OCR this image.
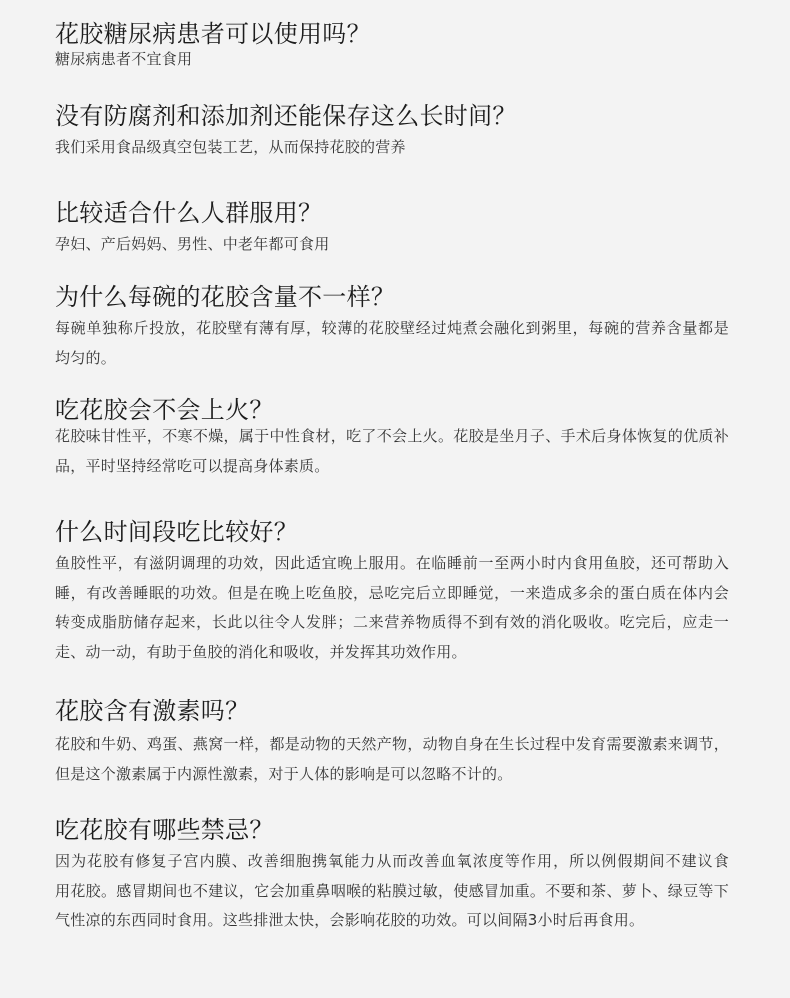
花胶糖尿病患者可以使用吗？
糖尿病患者不宜食用
没有防腐剂和添加剂还能保存这么长时间？
我们采用食品级真空包装工艺，从而保持花胶的营养
比较适合什么人群服用？
孕妇、产后妈妈、男性、中老年都可食用
为什么每碗的花胶含量不一样？
每碗单独称斤投放，花胶壁有薄有厚，较薄的花胶壁经过炖煮会融化到粥里，每碗的营养含量都是
均匀的。
吃花胶会不会上火？
花胶味甘性平，不寒不燥，属于中性食材，吃了不会上火。花胶是坐月子、手术后身体恢复的优质补
品，平时坚持经常吃可以提高身体素质。
什么时间段吃比较好？
鱼胶性平，有滋阴调理的功效，因此适宜晚上服用。在临睡前一至两小时内食用鱼胶，还可帮助入
睡，有改善睡眠的功效。但是在晚上吃鱼胶，忌吃完后立即睡觉，一来造成多余的蛋白质在体内会
转变成脂肪储存起来，长此以往令人发胖；二来营养物质得不到有效的消化吸收。吃完后，应走一
走、动一动，有助于鱼胶的消化和吸收，并发挥其功效作用。
花胶含有激素吗？
花胶和牛奶、鸡蛋、燕窝一样，都是动物的天然产物，动物自身在生长过程中发育需要激素来调节，
但是这个激素属于内源性激素，对于人体的影响是可以忽略不计的。
吃花胶有哪些禁忌？
因为花胶有修复子宫内膜、改善细胞携氧能力从而改善血氧浓度等作用，所以例假期间不建议食
用花胶。感冒期间也不建议，它会加重鼻咽喉的粘膜过敏，使感冒加重。不要和茶、萝卜、绿豆等下
气性凉的东西同时食用。这些排泄太快，会影响花胶的功效。可以间隔3小时后再食用。
